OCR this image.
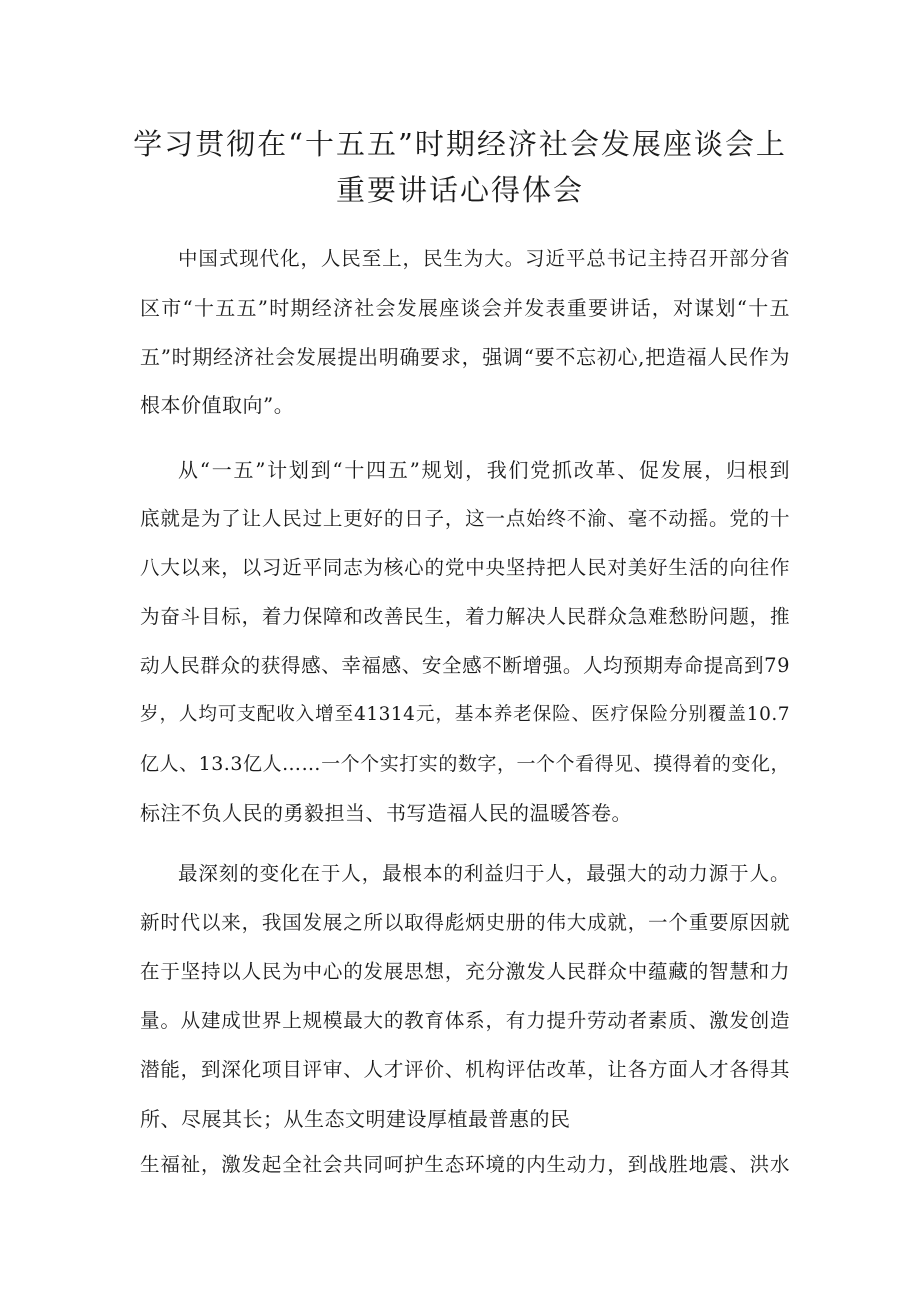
学习贯彻在“十五五”时期经济社会发展座谈会上
重要讲话心得体会
中国式现代化，人民至上，民生为大。习近平总书记主持召开部分省
区市“十五五”时期经济社会发展座谈会并发表重要讲话，对谋划“十五
五”时期经济社会发展提出明确要求，强调“要不忘初心,把造福人民作为
根本价值取向”。
从“一五”计划到“十四五”规划，我们党抓改革、促发展，归根到
底就是为了让人民过上更好的日子，这一点始终不渝、毫不动摇。党的十
八大以来，以习近平同志为核心的党中央坚持把人民对美好生活的向往作
为奋斗目标，着力保障和改善民生，着力解决人民群众急难愁盼问题，推
动人民群众的获得感、幸福感、安全感不断增强。人均预期寿命提高到79
岁，人均可支配收入增至41314元，基本养老保险、医疗保险分别覆盖10.7
亿人、13.3亿人……一个个实打实的数字，一个个看得见、摸得着的变化，
标注不负人民的勇毅担当、书写造福人民的温暖答卷。
最深刻的变化在于人，最根本的利益归于人，最强大的动力源于人。
新时代以来，我国发展之所以取得彪炳史册的伟大成就，一个重要原因就
在于坚持以人民为中心的发展思想，充分激发人民群众中蕴藏的智慧和力
量。从建成世界上规模最大的教育体系，有力提升劳动者素质、激发创造
潜能，到深化项目评审、人才评价、机构评估改革，让各方面人才各得其
所、尽展其长；从生态文明建设厚植最普惠的民
生福祉，激发起全社会共同呵护生态环境的内生动力，到战胜地震、洪水
